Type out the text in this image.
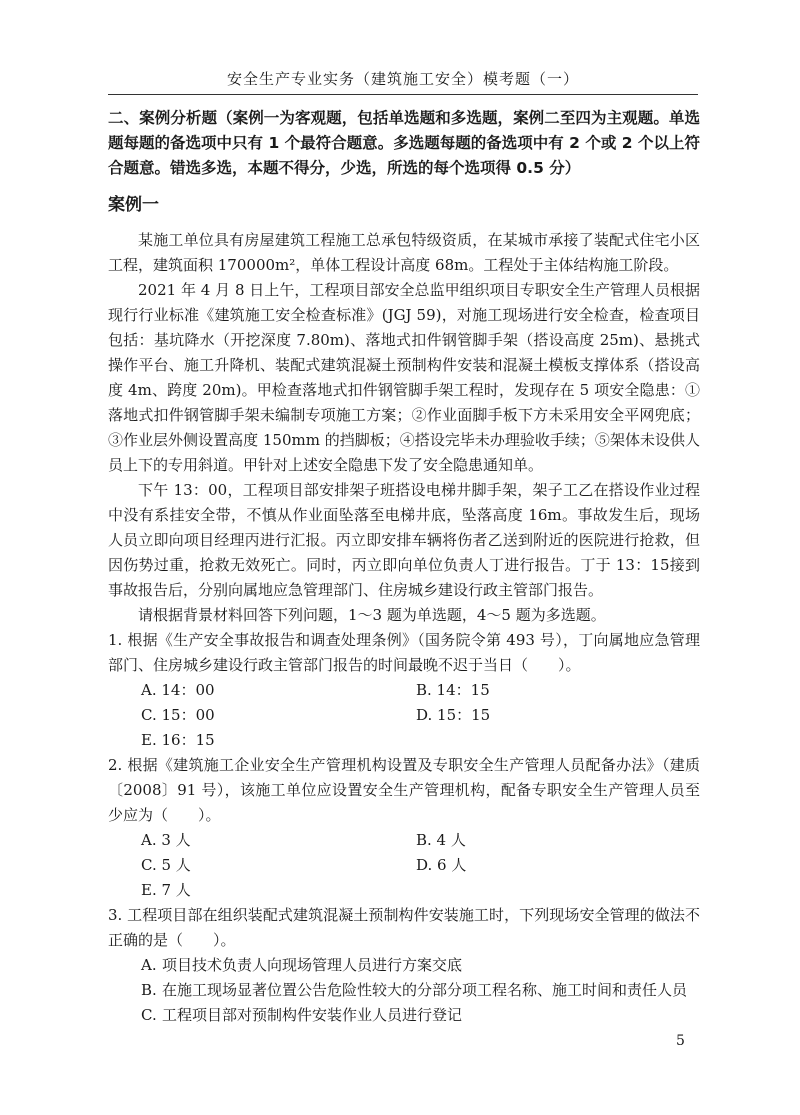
安全生产专业实务（建筑施工安全）模考题（一）

二、案例分析题（案例一为客观题，包括单选题和多选题，案例二至四为主观题。单选题每题的备选项中只有 1 个最符合题意。多选题每题的备选项中有 2 个或 2 个以上符合题意。错选多选，本题不得分，少选，所选的每个选项得 0.5 分）

案例一

某施工单位具有房屋建筑工程施工总承包特级资质，在某城市承接了装配式住宅小区工程，建筑面积 170000m²，单体工程设计高度 68m。工程处于主体结构施工阶段。

2021 年 4 月 8 日上午，工程项目部安全总监甲组织项目专职安全生产管理人员根据现行行业标准《建筑施工安全检查标准》(JGJ 59)，对施工现场进行安全检查，检查项目包括：基坑降水（开挖深度 7.80m)、落地式扣件钢管脚手架（搭设高度 25m)、悬挑式操作平台、施工升降机、装配式建筑混凝土预制构件安装和混凝土模板支撑体系（搭设高度 4m、跨度 20m)。甲检查落地式扣件钢管脚手架工程时，发现存在 5 项安全隐患：①落地式扣件钢管脚手架未编制专项施工方案；②作业面脚手板下方未采用安全平网兜底；③作业层外侧设置高度 150mm 的挡脚板；④搭设完毕未办理验收手续；⑤架体未设供人员上下的专用斜道。甲针对上述安全隐患下发了安全隐患通知单。

下午 13：00，工程项目部安排架子班搭设电梯井脚手架，架子工乙在搭设作业过程中没有系挂安全带，不慎从作业面坠落至电梯井底，坠落高度 16m。事故发生后，现场人员立即向项目经理丙进行汇报。丙立即安排车辆将伤者乙送到附近的医院进行抢救，但因伤势过重，抢救无效死亡。同时，丙立即向单位负责人丁进行报告。丁于 13：15接到事故报告后，分别向属地应急管理部门、住房城乡建设行政主管部门报告。

请根据背景材料回答下列问题，1～3 题为单选题，4～5 题为多选题。

1. 根据《生产安全事故报告和调查处理条例》（国务院令第 493 号），丁向属地应急管理部门、住房城乡建设行政主管部门报告的时间最晚不迟于当日（　　）。

A. 14：00	B. 14：15
C. 15：00	D. 15：15
E. 16：15

2. 根据《建筑施工企业安全生产管理机构设置及专职安全生产管理人员配备办法》（建质〔2008〕91 号），该施工单位应设置安全生产管理机构，配备专职安全生产管理人员至少应为（　　）。

A. 3 人	B. 4 人
C. 5 人	D. 6 人
E. 7 人

3. 工程项目部在组织装配式建筑混凝土预制构件安装施工时，下列现场安全管理的做法不正确的是（　　）。

A. 项目技术负责人向现场管理人员进行方案交底
B. 在施工现场显著位置公告危险性较大的分部分项工程名称、施工时间和责任人员
C. 工程项目部对预制构件安装作业人员进行登记
5
